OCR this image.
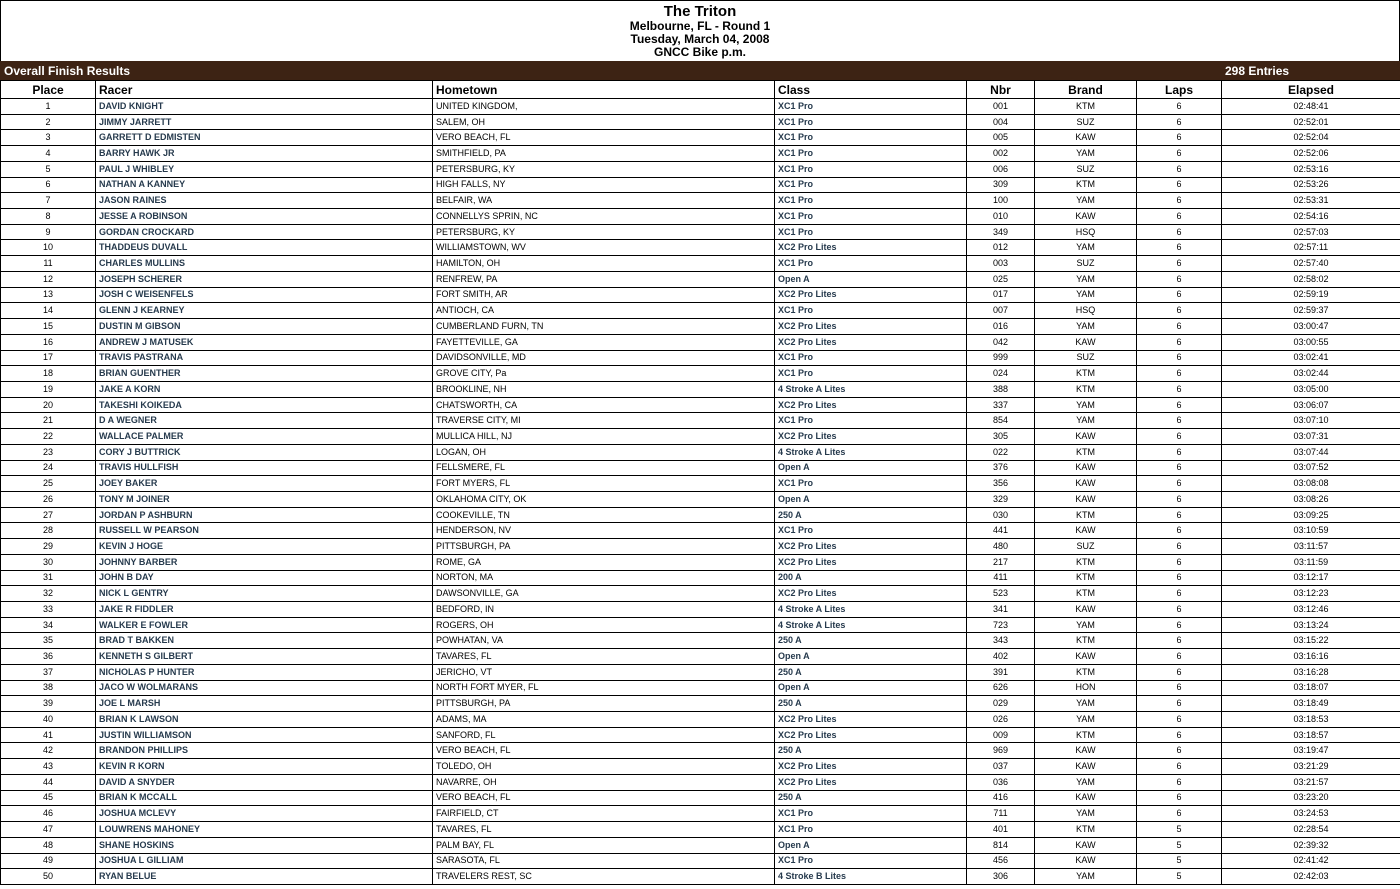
The Triton
Melbourne, FL - Round 1
Tuesday, March 04, 2008
GNCC Bike p.m.
Overall Finish Results	298 Entries
Place	Racer	Hometown	Class	Nbr	Brand	Laps	Elapsed
1	DAVID KNIGHT	UNITED KINGDOM,	XC1 Pro	001	KTM	6	02:48:41
2	JIMMY JARRETT	SALEM, OH	XC1 Pro	004	SUZ	6	02:52:01
3	GARRETT D EDMISTEN	VERO BEACH, FL	XC1 Pro	005	KAW	6	02:52:04
4	BARRY HAWK JR	SMITHFIELD, PA	XC1 Pro	002	YAM	6	02:52:06
5	PAUL J WHIBLEY	PETERSBURG, KY	XC1 Pro	006	SUZ	6	02:53:16
6	NATHAN A KANNEY	HIGH FALLS, NY	XC1 Pro	309	KTM	6	02:53:26
7	JASON RAINES	BELFAIR, WA	XC1 Pro	100	YAM	6	02:53:31
8	JESSE A ROBINSON	CONNELLYS SPRIN, NC	XC1 Pro	010	KAW	6	02:54:16
9	GORDAN CROCKARD	PETERSBURG, KY	XC1 Pro	349	HSQ	6	02:57:03
10	THADDEUS DUVALL	WILLIAMSTOWN, WV	XC2 Pro Lites	012	YAM	6	02:57:11
11	CHARLES MULLINS	HAMILTON, OH	XC1 Pro	003	SUZ	6	02:57:40
12	JOSEPH SCHERER	RENFREW, PA	Open A	025	YAM	6	02:58:02
13	JOSH C WEISENFELS	FORT SMITH, AR	XC2 Pro Lites	017	YAM	6	02:59:19
14	GLENN J KEARNEY	ANTIOCH, CA	XC1 Pro	007	HSQ	6	02:59:37
15	DUSTIN M GIBSON	CUMBERLAND FURN, TN	XC2 Pro Lites	016	YAM	6	03:00:47
16	ANDREW J MATUSEK	FAYETTEVILLE, GA	XC2 Pro Lites	042	KAW	6	03:00:55
17	TRAVIS PASTRANA	DAVIDSONVILLE, MD	XC1 Pro	999	SUZ	6	03:02:41
18	BRIAN GUENTHER	GROVE CITY, Pa	XC1 Pro	024	KTM	6	03:02:44
19	JAKE A KORN	BROOKLINE, NH	4 Stroke A Lites	388	KTM	6	03:05:00
20	TAKESHI KOIKEDA	CHATSWORTH, CA	XC2 Pro Lites	337	YAM	6	03:06:07
21	D A WEGNER	TRAVERSE CITY, MI	XC1 Pro	854	YAM	6	03:07:10
22	WALLACE PALMER	MULLICA HILL, NJ	XC2 Pro Lites	305	KAW	6	03:07:31
23	CORY J BUTTRICK	LOGAN, OH	4 Stroke A Lites	022	KTM	6	03:07:44
24	TRAVIS HULLFISH	FELLSMERE, FL	Open A	376	KAW	6	03:07:52
25	JOEY BAKER	FORT MYERS, FL	XC1 Pro	356	KAW	6	03:08:08
26	TONY M JOINER	OKLAHOMA CITY, OK	Open A	329	KAW	6	03:08:26
27	JORDAN P ASHBURN	COOKEVILLE, TN	250 A	030	KTM	6	03:09:25
28	RUSSELL W PEARSON	HENDERSON, NV	XC1 Pro	441	KAW	6	03:10:59
29	KEVIN J HOGE	PITTSBURGH, PA	XC2 Pro Lites	480	SUZ	6	03:11:57
30	JOHNNY BARBER	ROME, GA	XC2 Pro Lites	217	KTM	6	03:11:59
31	JOHN B DAY	NORTON, MA	200 A	411	KTM	6	03:12:17
32	NICK L GENTRY	DAWSONVILLE, GA	XC2 Pro Lites	523	KTM	6	03:12:23
33	JAKE R FIDDLER	BEDFORD, IN	4 Stroke A Lites	341	KAW	6	03:12:46
34	WALKER E FOWLER	ROGERS, OH	4 Stroke A Lites	723	YAM	6	03:13:24
35	BRAD T BAKKEN	POWHATAN, VA	250 A	343	KTM	6	03:15:22
36	KENNETH S GILBERT	TAVARES, FL	Open A	402	KAW	6	03:16:16
37	NICHOLAS P HUNTER	JERICHO, VT	250 A	391	KTM	6	03:16:28
38	JACO W WOLMARANS	NORTH FORT MYER, FL	Open A	626	HON	6	03:18:07
39	JOE L MARSH	PITTSBURGH, PA	250 A	029	YAM	6	03:18:49
40	BRIAN K LAWSON	ADAMS, MA	XC2 Pro Lites	026	YAM	6	03:18:53
41	JUSTIN WILLIAMSON	SANFORD, FL	XC2 Pro Lites	009	KTM	6	03:18:57
42	BRANDON PHILLIPS	VERO BEACH, FL	250 A	969	KAW	6	03:19:47
43	KEVIN R KORN	TOLEDO, OH	XC2 Pro Lites	037	KAW	6	03:21:29
44	DAVID A SNYDER	NAVARRE, OH	XC2 Pro Lites	036	YAM	6	03:21:57
45	BRIAN K MCCALL	VERO BEACH, FL	250 A	416	KAW	6	03:23:20
46	JOSHUA MCLEVY	FAIRFIELD, CT	XC1 Pro	711	YAM	6	03:24:53
47	LOUWRENS MAHONEY	TAVARES, FL	XC1 Pro	401	KTM	5	02:28:54
48	SHANE HOSKINS	PALM BAY, FL	Open A	814	KAW	5	02:39:32
49	JOSHUA L GILLIAM	SARASOTA, FL	XC1 Pro	456	KAW	5	02:41:42
50	RYAN BELUE	TRAVELERS REST, SC	4 Stroke B Lites	306	YAM	5	02:42:03
